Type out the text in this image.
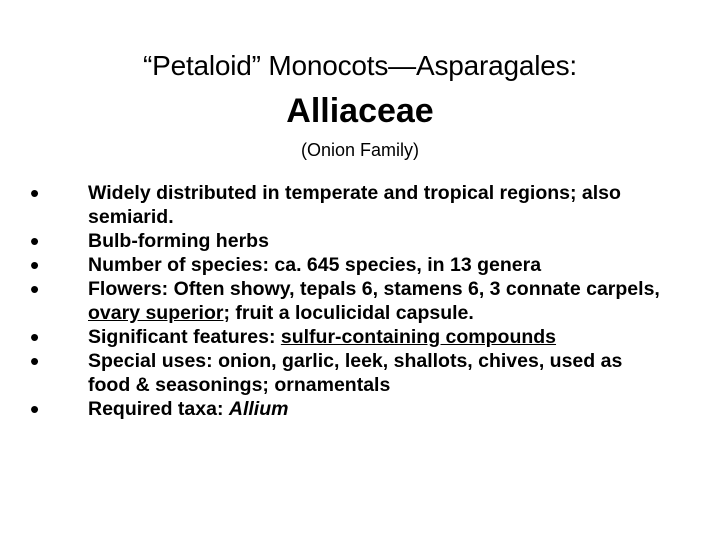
“Petaloid” Monocots—Asparagales:
Alliaceae
(Onion Family)
•	Widely distributed in temperate and tropical regions; also semiarid.
•	Bulb-forming herbs
•	Number of species: ca. 645 species, in 13 genera
•	Flowers: Often showy, tepals 6, stamens 6, 3 connate carpels, ovary superior; fruit a loculicidal capsule.
•	Significant features: sulfur-containing compounds
•	Special uses: onion, garlic, leek, shallots, chives, used as food & seasonings; ornamentals
•	Required taxa: Allium
